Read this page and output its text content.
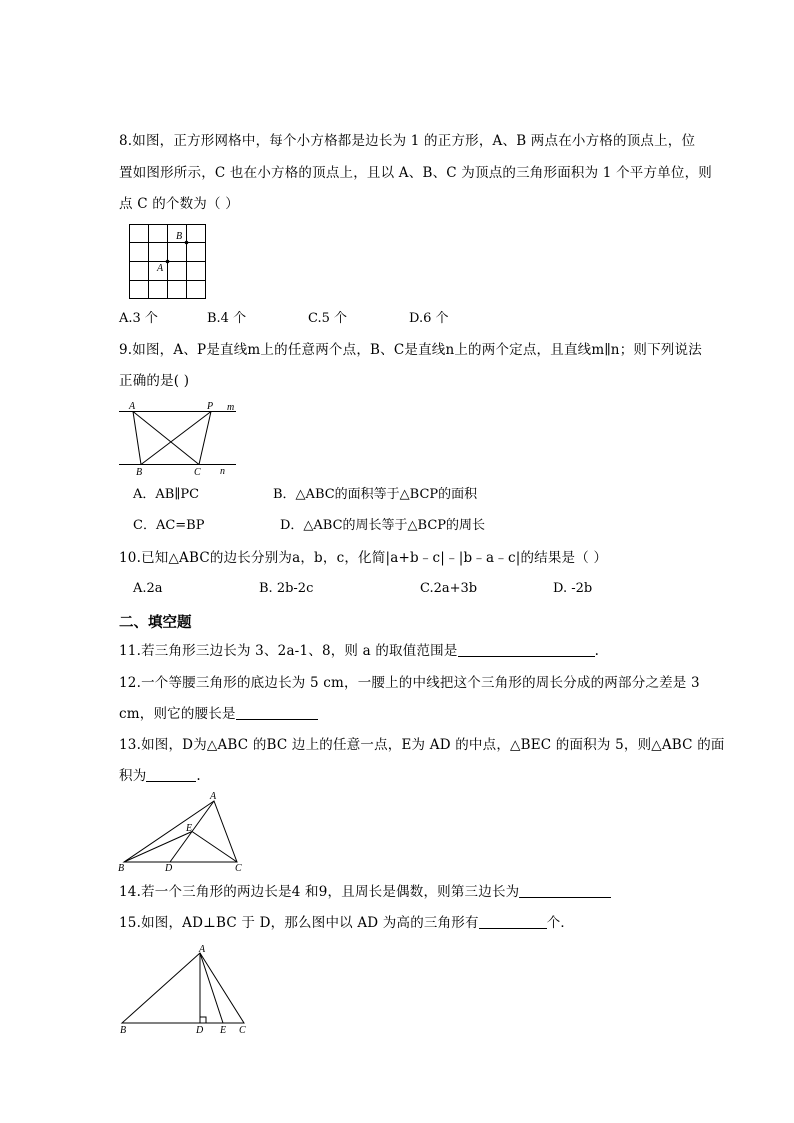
8.如图，正方形网格中，每个小方格都是边长为 1 的正方形，A、B 两点在小方格的顶点上，位
置如图形所示，C 也在小方格的顶点上，且以 A、B、C 为顶点的三角形面积为 1 个平方单位，则
点 C 的个数为（ ）
B
A
A.3 个	B.4 个	C.5 个	D.6 个
9.如图，A、P是直线m上的任意两个点，B、C是直线n上的两个定点，且直线m∥n；则下列说法
正确的是( )
A	P m
B	C n
A．AB∥PC	B．△ABC的面积等于△BCP的面积
C．AC=BP	D．△ABC的周长等于△BCP的周长
10.已知△ABC的边长分别为a，b，c，化简|a+b﹣c|﹣|b﹣a﹣c|的结果是（ ）
A.2a	B. 2b-2c	C.2a+3b	D. -2b
二、填空题
11.若三角形三边长为 3、2a-1、8，则 a 的取值范围是	.
12.一个等腰三角形的底边长为 5 cm，一腰上的中线把这个三角形的周长分成的两部分之差是 3
cm，则它的腰长是
13.如图，D为△ABC 的BC 边上的任意一点，E为 AD 的中点，△BEC 的面积为 5，则△ABC 的面
积为	.
A
E
B	D	C
14.若一个三角形的两边长是4 和9，且周长是偶数，则第三边长为
15.如图，AD⊥BC 于 D，那么图中以 AD 为高的三角形有	个．
A
B	D E C
